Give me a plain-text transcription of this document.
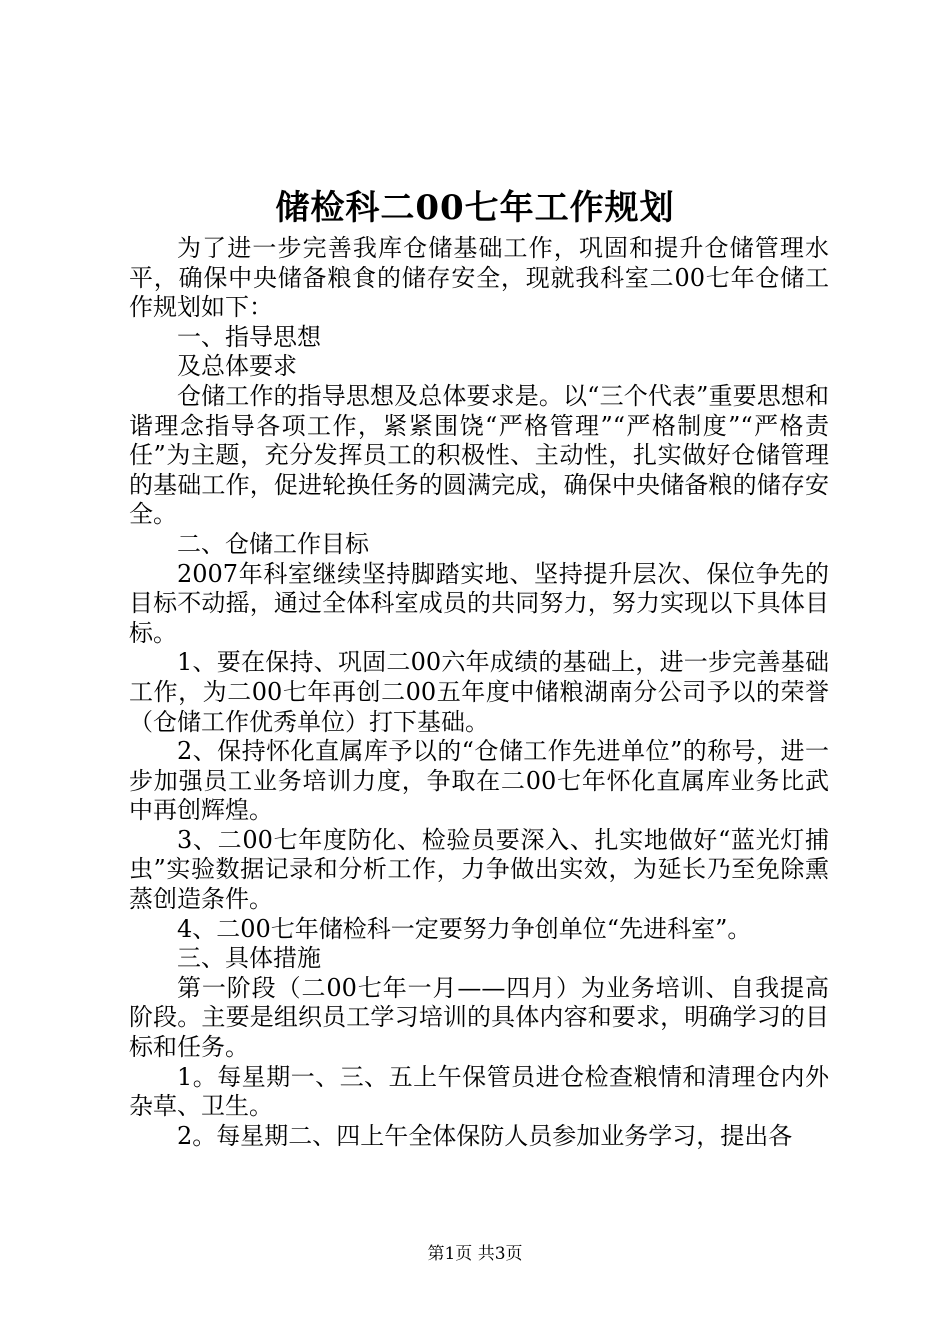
储检科二00七年工作规划

为了进一步完善我库仓储基础工作，巩固和提升仓储管理水平，确保中央储备粮食的储存安全，现就我科室二00七年仓储工作规划如下：

一、指导思想

及总体要求

仓储工作的指导思想及总体要求是。以“三个代表”重要思想和谐理念指导各项工作，紧紧围饶“严格管理”“严格制度”“严格责任”为主题，充分发挥员工的积极性、主动性，扎实做好仓储管理的基础工作，促进轮换任务的圆满完成，确保中央储备粮的储存安全。

二、仓储工作目标

2007年科室继续坚持脚踏实地、坚持提升层次、保位争先的目标不动摇，通过全体科室成员的共同努力，努力实现以下具体目标。

1、要在保持、巩固二00六年成绩的基础上，进一步完善基础工作，为二00七年再创二00五年度中储粮湖南分公司予以的荣誉（仓储工作优秀单位）打下基础。

2、保持怀化直属库予以的“仓储工作先进单位”的称号，进一步加强员工业务培训力度，争取在二00七年怀化直属库业务比武中再创辉煌。

3、二00七年度防化、检验员要深入、扎实地做好“蓝光灯捕虫”实验数据记录和分析工作，力争做出实效，为延长乃至免除熏蒸创造条件。

4、二00七年储检科一定要努力争创单位“先进科室”。

三、具体措施

第一阶段（二00七年一月——四月）为业务培训、自我提高阶段。主要是组织员工学习培训的具体内容和要求，明确学习的目标和任务。

1。每星期一、三、五上午保管员进仓检查粮情和清理仓内外杂草、卫生。

2。每星期二、四上午全体保防人员参加业务学习，提出各

第1页 共3页
